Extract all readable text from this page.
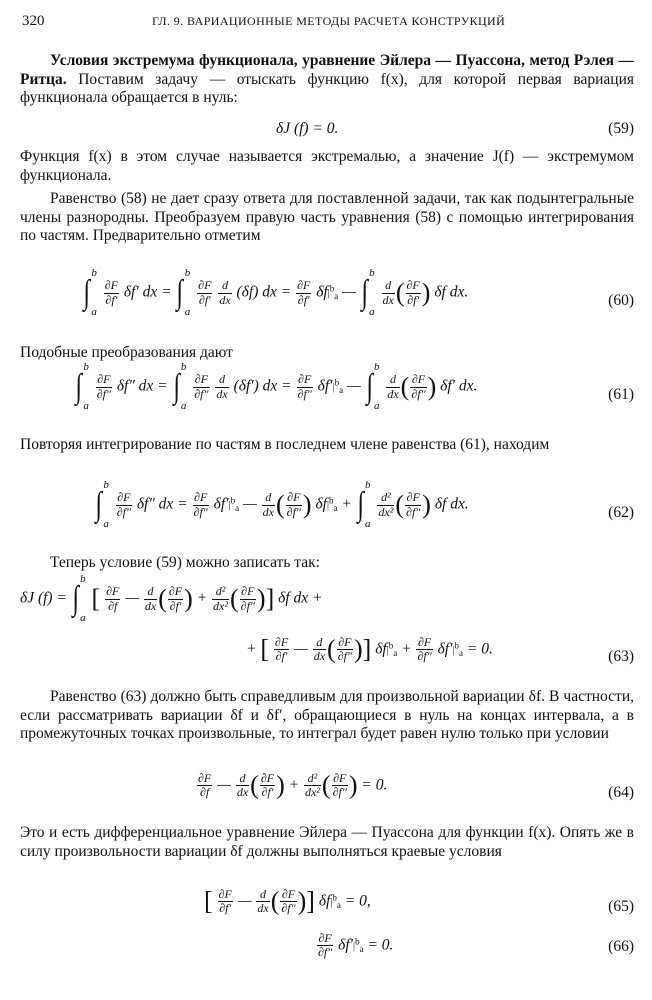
320	ГЛ. 9. ВАРИАЦИОННЫЕ МЕТОДЫ РАСЧЕТА КОНСТРУКЦИЙ

Условия экстремума функционала, уравнение Эйлера — Пуассона, метод Рэлея — Ритца. Поставим задачу — отыскать функцию f(x), для которой первая вариация функционала обращается в нуль:

δJ (f) = 0.	(59)

Функция f(x) в этом случае называется экстремалью, а значение J(f) — экстремумом функционала.

Равенство (58) не дает сразу ответа для поставленной задачи, так как подынтегральные члены разнородны. Преобразуем правую часть уравнения (58) с помощью интегрирования по частям. Предварительно отметим

∫
b
a

$\frac{\partial F}{\partial f'} \delta f'$ dx = ∫
b
a

$\frac{\partial F}{\partial f'}$
$\frac{d}{dx} (\delta f)$ dx = $\frac{\partial F}{\partial f'} \delta f|^b_a$ — ∫
b
a

$\frac{d}{dx}$ ( $\frac{\partial F}{\partial f'}$ ) δf dx.	(60)

Подобные преобразования дают

∫
b
a

$\frac{\partial F}{\partial f''} \delta f''$ dx = ∫
b
a

$\frac{\partial F}{\partial f''}$
$\frac{d}{dx} (\delta f')$ dx = $\frac{\partial F}{\partial f''} \delta f'|^b_a$ — ∫
b
a

$\frac{d}{dx}$ ( $\frac{\partial F}{\partial f''}$ ) δf′ dx.	(61)

Повторяя интегрирование по частям в последнем члене равенства (61), находим

∫
b
a

$\frac{\partial F}{\partial f''} \delta f''$ dx = $\frac{\partial F}{\partial f''} \delta f'|^b_a$ — $\frac{d}{dx}$ ( $\frac{\partial F}{\partial f''}$ ) $\delta f|^b_a$ + ∫
b
a

$\frac{\text{d²}}{\text{dx²}}$ ( $\frac{\partial F}{\partial f''}$ ) δf dx.	(62)

Теперь условие (59) можно записать так:

δJ (f) = ∫
b
a
[ $\frac{\partial F}{\partial f}$ — $\frac{d}{dx}$ ( $\frac{\partial F}{\partial f'}$ ) + $\frac{\text{d²}}{\text{dx²}}$ ( $\frac{\partial F}{\partial f''}$ )] δf dx +
+ [ $\frac{\partial F}{\partial f'}$ — $\frac{d}{dx}$ ( $\frac{\partial F}{\partial f''}$ )] $\delta f|^b_a + \frac{\partial F}{\partial f''} \delta f'|^b_a = 0$.	(63)

Равенство (63) должно быть справедливым для произвольной вариации δf. В частности, если рассматривать вариации δf и δf′, обращающиеся в нуль на концах интервала, а в промежуточных точках произвольные, то интеграл будет равен нулю только при условии

$\frac{\partial F}{\partial f}$ — $\frac{d}{dx}$ ( $\frac{\partial F}{\partial f'}$ ) + $\frac{\text{d²}}{\text{dx²}}$ ( $\frac{\partial F}{\partial f''}$ ) = 0.	(64)

Это и есть дифференциальное уравнение Эйлера — Пуассона для функции f(x). Опять же в силу произвольности вариации δf должны выполняться краевые условия

[ $\frac{\partial F}{\partial f'}$ — $\frac{d}{dx}$ ( $\frac{\partial F}{\partial f''}$ )] $\delta f|^b_a = 0$,	(65)
$\frac{\partial F}{\partial f''} \delta f'|^b_a = 0$.	(66)
